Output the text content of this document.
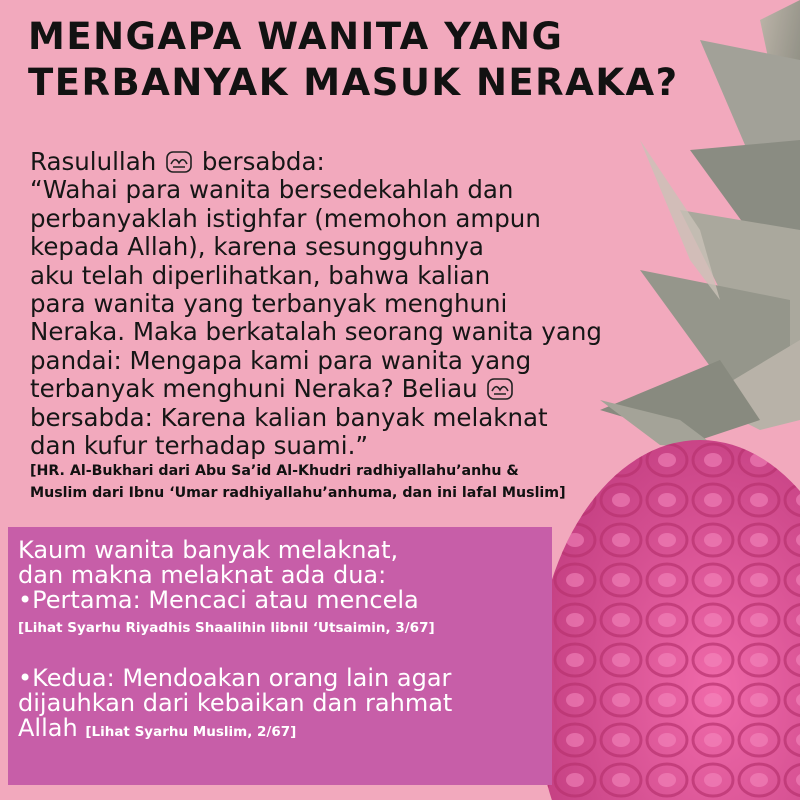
MENGAPA WANITA YANG
TERBANYAK MASUK NERAKA?
Rasulullah bersabda:
“Wahai para wanita bersedekahlah dan
perbanyaklah istighfar (memohon ampun
kepada Allah), karena sesungguhnya
aku telah diperlihatkan, bahwa kalian
para wanita yang terbanyak menghuni
Neraka. Maka berkatalah seorang wanita yang
pandai: Mengapa kami para wanita yang
terbanyak menghuni Neraka? Beliau
bersabda: Karena kalian banyak melaknat
dan kufur terhadap suami.”
[HR. Al-Bukhari dari Abu Sa’id Al-Khudri radhiyallahu’anhu &
Muslim dari Ibnu ‘Umar radhiyallahu’anhuma, dan ini lafal Muslim]
Kaum wanita banyak melaknat,
dan makna melaknat ada dua:
•Pertama: Mencaci atau mencela
[Lihat Syarhu Riyadhis Shaalihin libnil ‘Utsaimin, 3/67]
•Kedua: Mendoakan orang lain agar
dijauhkan dari kebaikan dan rahmat
Allah [Lihat Syarhu Muslim, 2/67]
